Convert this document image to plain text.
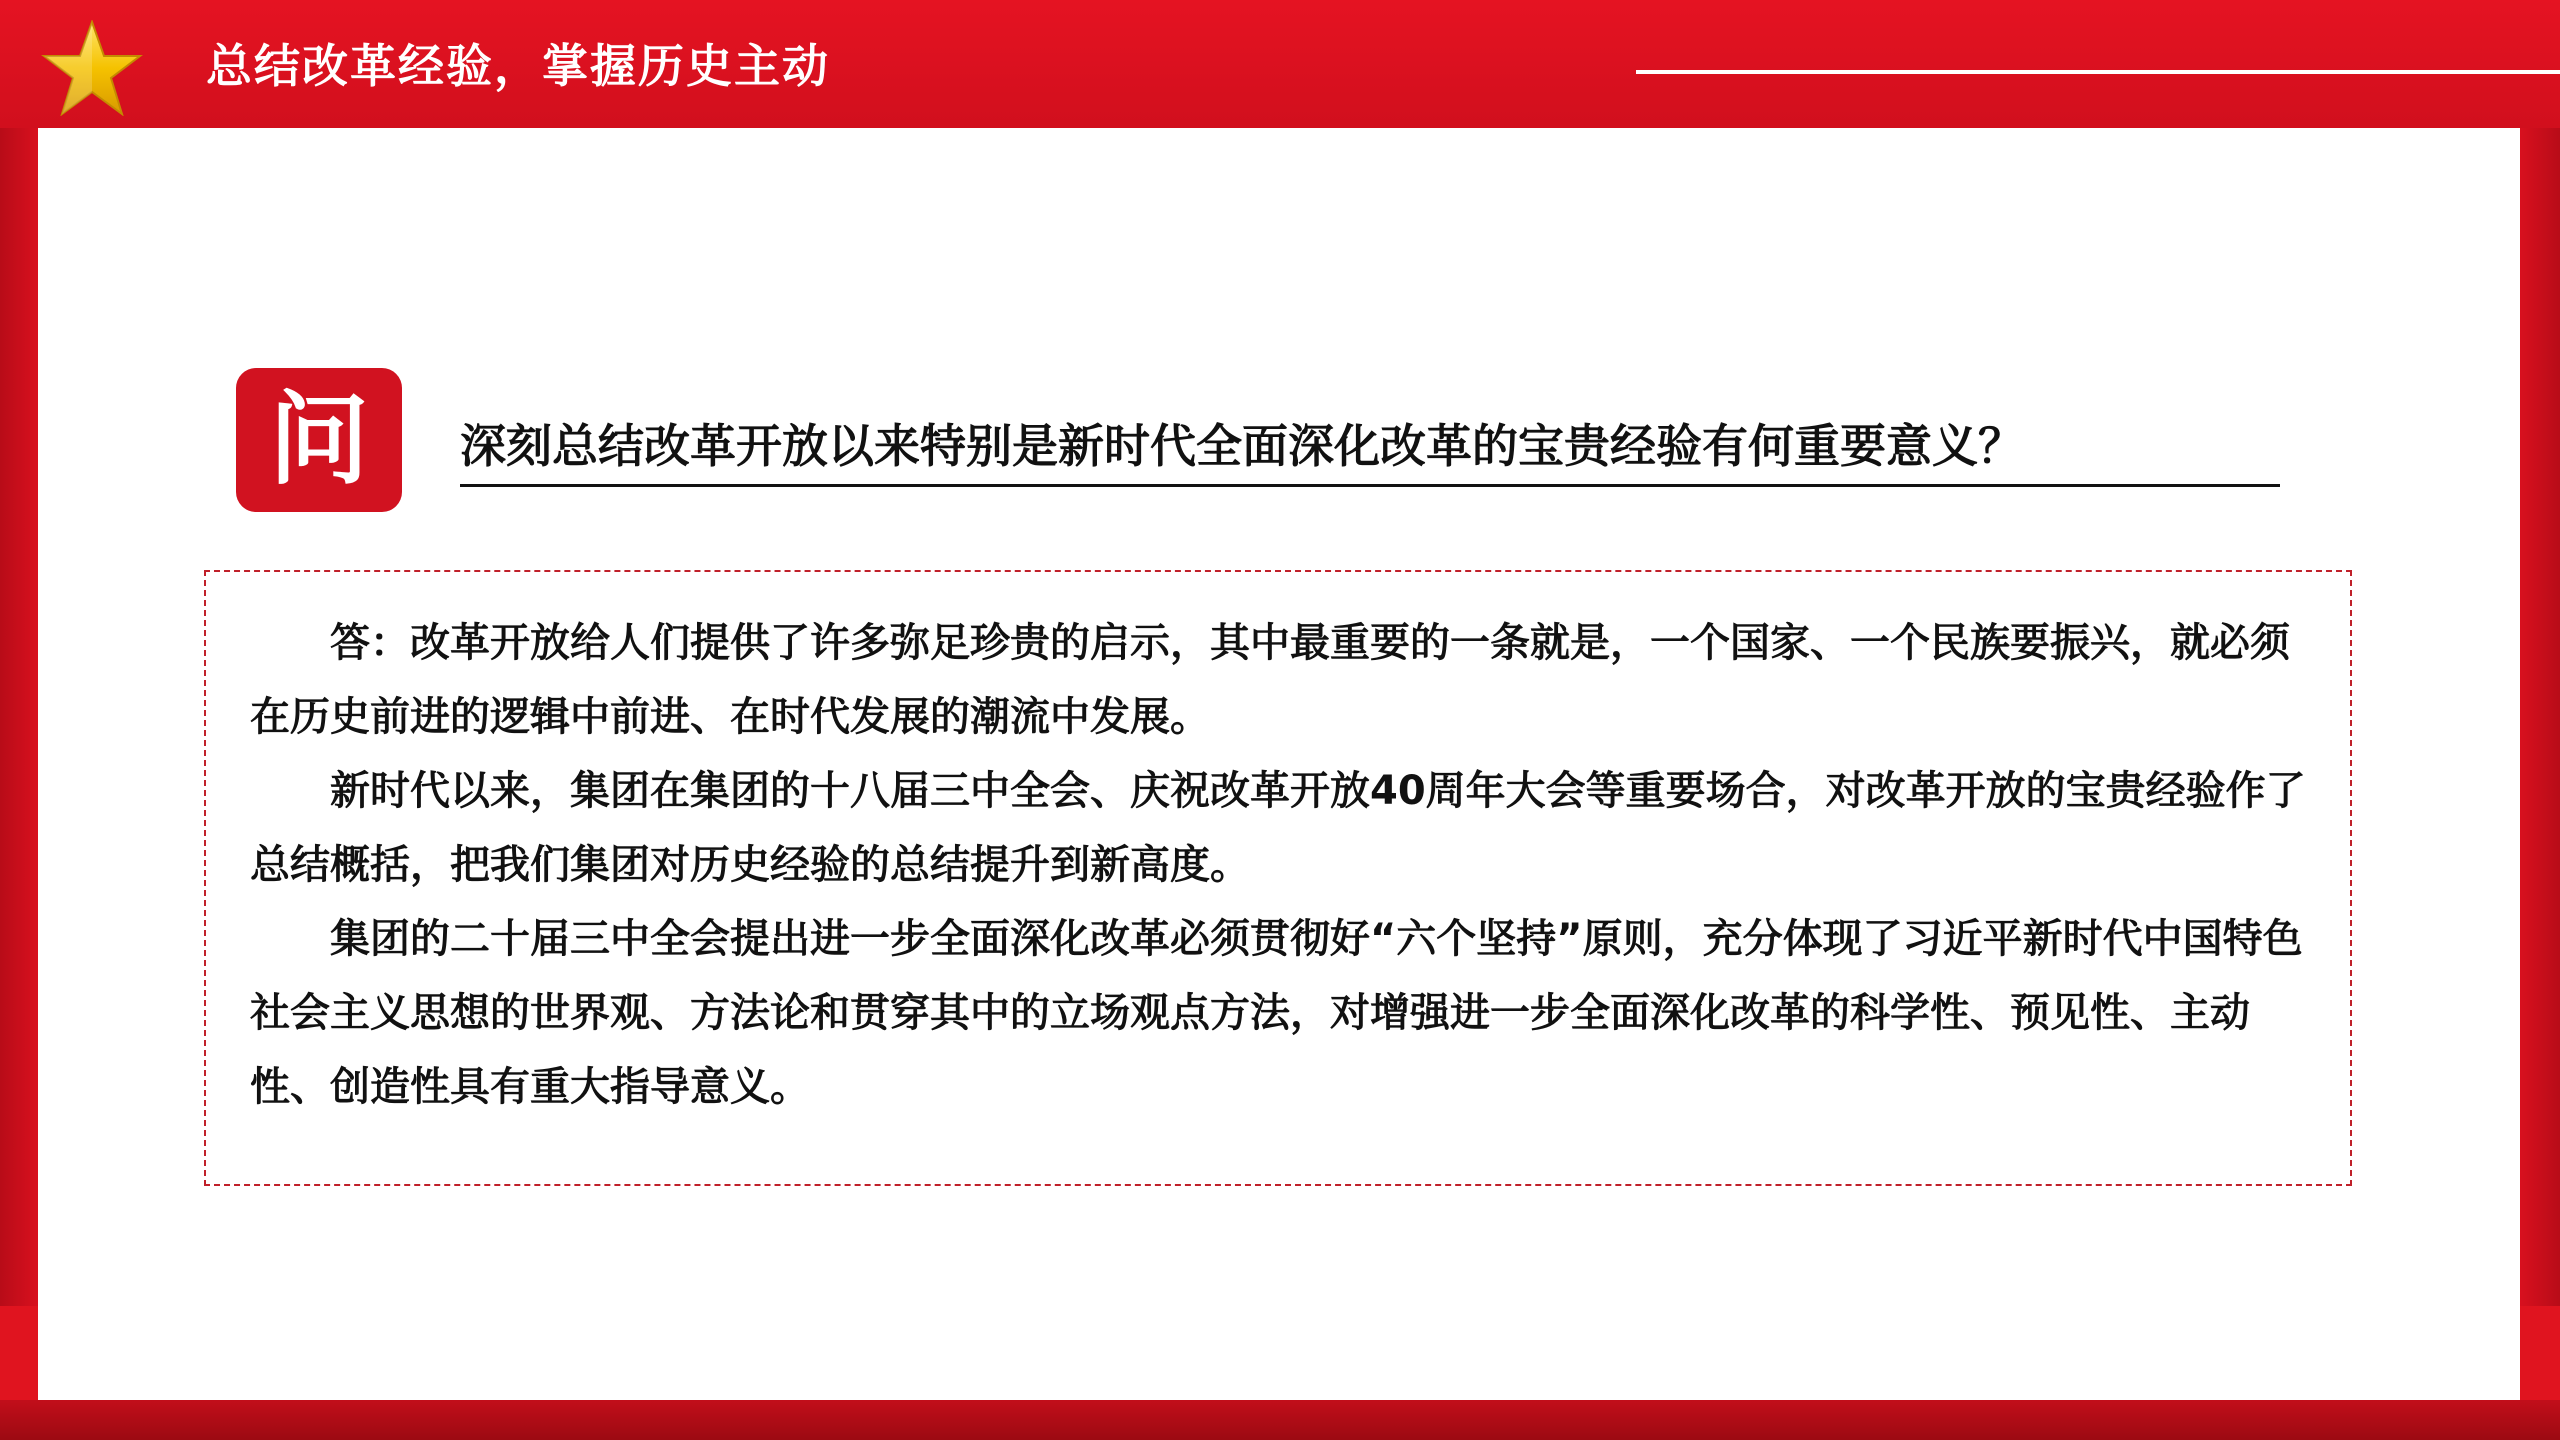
总结改革经验，掌握历史主动
问	深刻总结改革开放以来特别是新时代全面深化改革的宝贵经验有何重要意义？

答：改革开放给人们提供了许多弥足珍贵的启示，其中最重要的一条就是，一个国家、一个民族要振兴，就必须在历史前进的逻辑中前进、在时代发展的潮流中发展。

新时代以来，集团在集团的十八届三中全会、庆祝改革开放40周年大会等重要场合，对改革开放的宝贵经验作了总结概括，把我们集团对历史经验的总结提升到新高度。

集团的二十届三中全会提出进一步全面深化改革必须贯彻好“六个坚持”原则，充分体现了习近平新时代中国特色社会主义思想的世界观、方法论和贯穿其中的立场观点方法，对增强进一步全面深化改革的科学性、预见性、主动性、创造性具有重大指导意义。
